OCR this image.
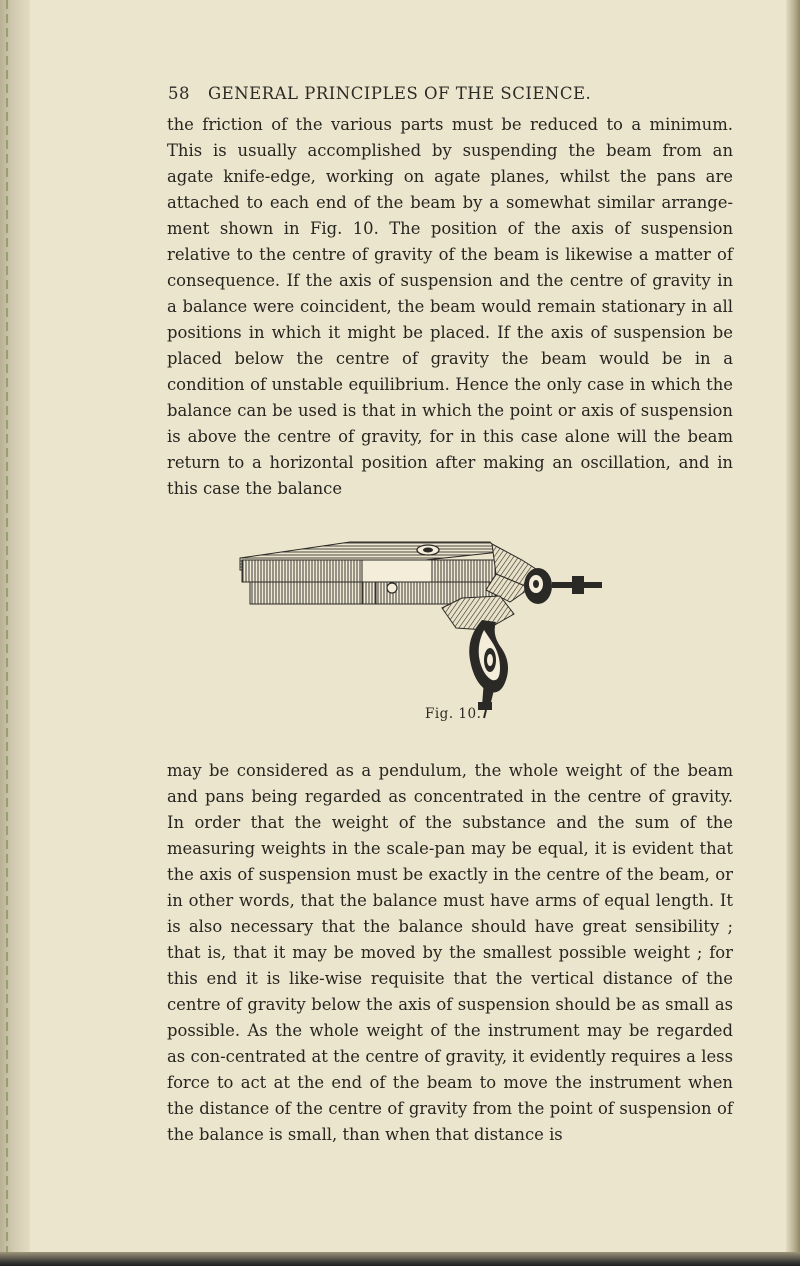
58 GENERAL PRINCIPLES OF THE SCIENCE.

the friction of the various parts must be reduced to a minimum. This is usually accomplished by suspending the beam from an agate knife-edge, working on agate planes, whilst the pans are attached to each end of the beam by a somewhat similar arrange-ment shown in Fig. 10. The position of the axis of suspension relative to the centre of gravity of the beam is likewise a matter of consequence. If the axis of suspension and the centre of gravity in a balance were coincident, the beam would remain stationary in all positions in which it might be placed. If the axis of suspension be placed below the centre of gravity the beam would be in a condition of unstable equilibrium. Hence the only case in which the balance can be used is that in which the point or axis of suspension is above the centre of gravity, for in this case alone will the beam return to a horizontal position after making an oscillation, and in this case the balance

Fig. 10.

may be considered as a pendulum, the whole weight of the beam and pans being regarded as concentrated in the centre of gravity. In order that the weight of the substance and the sum of the measuring weights in the scale-pan may be equal, it is evident that the axis of suspension must be exactly in the centre of the beam, or in other words, that the balance must have arms of equal length. It is also necessary that the balance should have great sensibility ; that is, that it may be moved by the smallest possible weight ; for this end it is like-wise requisite that the vertical distance of the centre of gravity below the axis of suspension should be as small as possible. As the whole weight of the instrument may be regarded as con-centrated at the centre of gravity, it evidently requires a less force to act at the end of the beam to move the instrument when the distance of the centre of gravity from the point of suspension of the balance is small, than when that distance is
